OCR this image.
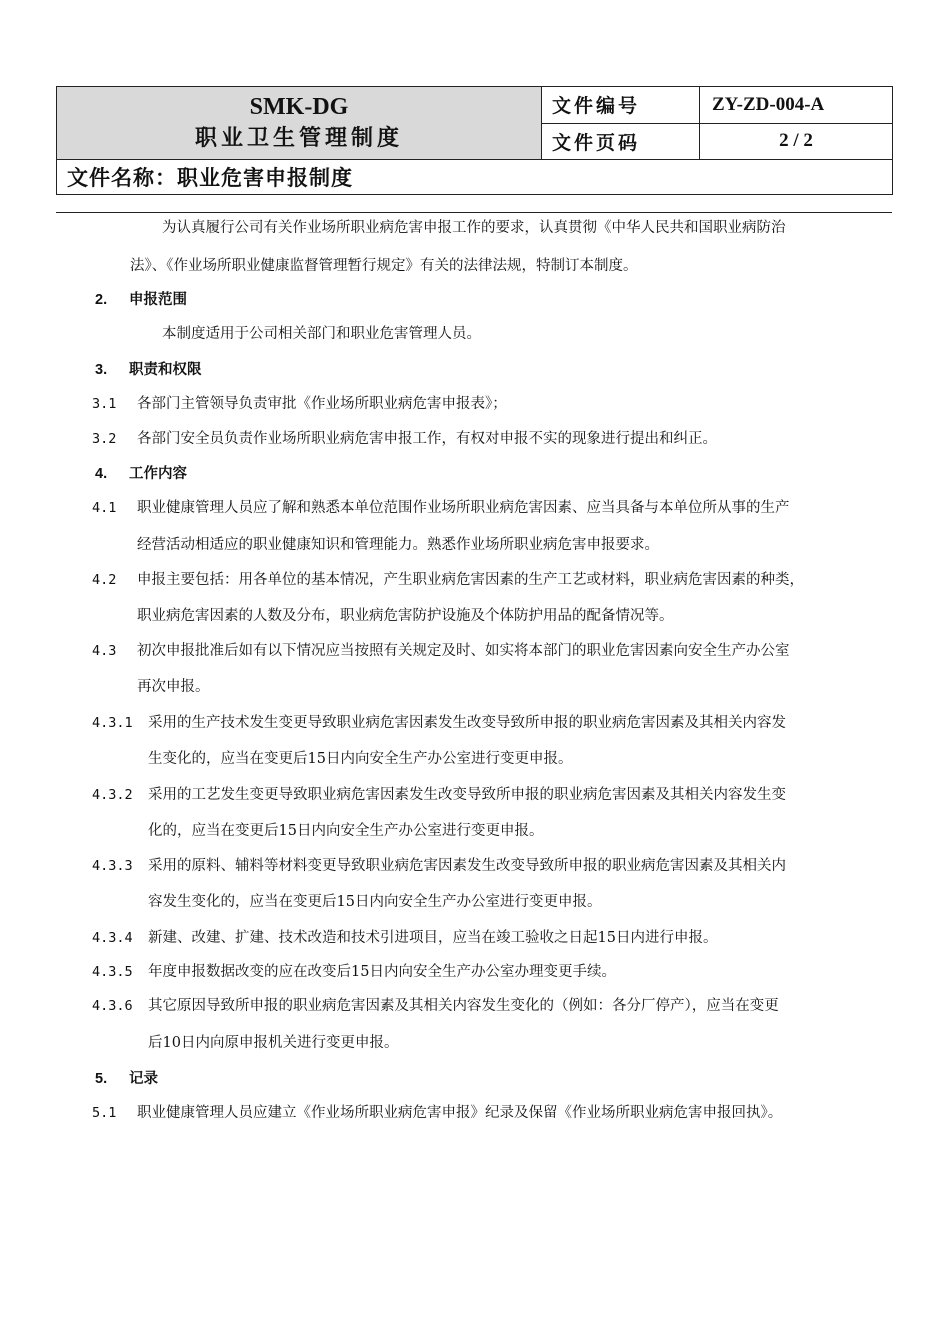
SMK-DG
职业卫生管理制度	文件编号	ZY-ZD-004-A
	文件页码	2 / 2
文件名称：职业危害申报制度		
为认真履行公司有关作业场所职业病危害申报工作的要求，认真贯彻《中华人民共和国职业病防治
法》、《作业场所职业健康监督管理暂行规定》有关的法律法规，特制订本制度。
2. 申报范围
本制度适用于公司相关部门和职业危害管理人员。
3. 职责和权限
3.1 各部门主管领导负责审批《作业场所职业病危害申报表》；
3.2 各部门安全员负责作业场所职业病危害申报工作，有权对申报不实的现象进行提出和纠正。
4. 工作内容
4.1 职业健康管理人员应了解和熟悉本单位范围作业场所职业病危害因素、应当具备与本单位所从事的生产
经营活动相适应的职业健康知识和管理能力。熟悉作业场所职业病危害申报要求。
4.2 申报主要包括：用各单位的基本情况，产生职业病危害因素的生产工艺或材料，职业病危害因素的种类，
职业病危害因素的人数及分布，职业病危害防护设施及个体防护用品的配备情况等。
4.3 初次申报批准后如有以下情况应当按照有关规定及时、如实将本部门的职业危害因素向安全生产办公室
再次申报。
4.3.1 采用的生产技术发生变更导致职业病危害因素发生改变导致所申报的职业病危害因素及其相关内容发
生变化的，应当在变更后15日内向安全生产办公室进行变更申报。
4.3.2 采用的工艺发生变更导致职业病危害因素发生改变导致所申报的职业病危害因素及其相关内容发生变
化的，应当在变更后15日内向安全生产办公室进行变更申报。
4.3.3 采用的原料、辅料等材料变更导致职业病危害因素发生改变导致所申报的职业病危害因素及其相关内
容发生变化的，应当在变更后15日内向安全生产办公室进行变更申报。
4.3.4 新建、改建、扩建、技术改造和技术引进项目，应当在竣工验收之日起15日内进行申报。
4.3.5 年度申报数据改变的应在改变后15日内向安全生产办公室办理变更手续。
4.3.6 其它原因导致所申报的职业病危害因素及其相关内容发生变化的（例如：各分厂停产），应当在变更
后10日内向原申报机关进行变更申报。
5. 记录
5.1 职业健康管理人员应建立《作业场所职业病危害申报》纪录及保留《作业场所职业病危害申报回执》。
